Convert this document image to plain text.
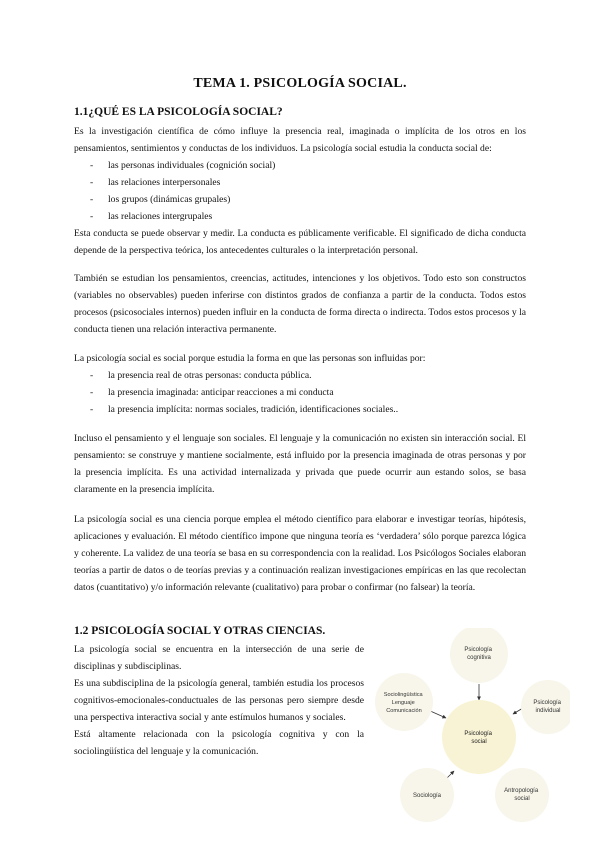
TEMA 1. PSICOLOGÍA SOCIAL.
1.1¿QUÉ ES LA PSICOLOGÍA SOCIAL?

Es la investigación científica de cómo influye la presencia real, imaginada o implícita de los otros en los pensamientos, sentimientos y conductas de los individuos. La psicología social estudia la conducta social de:

- las personas individuales (cognición social)
- las relaciones interpersonales
- los grupos (dinámicas grupales)
- las relaciones intergrupales

Esta conducta se puede observar y medir. La conducta es públicamente verificable. El significado de dicha conducta depende de la perspectiva teórica, los antecedentes culturales o la interpretación personal.

También se estudian los pensamientos, creencias, actitudes, intenciones y los objetivos. Todo esto son constructos (variables no observables) pueden inferirse con distintos grados de confianza a partir de la conducta. Todos estos procesos (psicosociales internos) pueden influir en la conducta de forma directa o indirecta. Todos estos procesos y la conducta tienen una relación interactiva permanente.

La psicología social es social porque estudia la forma en que las personas son influidas por:

- la presencia real de otras personas: conducta pública.
- la presencia imaginada: anticipar reacciones a mi conducta
- la presencia implícita: normas sociales, tradición, identificaciones sociales..
Incluso el pensamiento y el lenguaje son sociales. El lenguaje y la comunicación no existen sin interacción social. El pensamiento: se construye y mantiene socialmente, está influido por la presencia imaginada de otras personas y por la presencia implícita. Es una actividad internalizada y privada que puede ocurrir aun estando solos, se basa claramente en la presencia implícita.
La psicología social es una ciencia porque emplea el método científico para elaborar e investigar teorías, hipótesis, aplicaciones y evaluación. El método científico impone que ninguna teoría es ‘verdadera’ sólo porque parezca lógica y coherente. La validez de una teoría se basa en su correspondencia con la realidad. Los Psicólogos Sociales elaboran teorías a partir de datos o de teorías previas y a continuación realizan investigaciones empíricas en las que recolectan datos (cuantitativo) y/o información relevante (cualitativo) para probar o confirmar (no falsear) la teoría.
1.2 PSICOLOGÍA SOCIAL Y OTRAS CIENCIAS.

La psicología social se encuentra en la intersección de una serie de disciplinas y subdisciplinas.

Es una subdisciplina de la psicología general, también estudia los procesos cognitivos-emocionales-conductuales de las personas pero siempre desde una perspectiva interactiva social y ante estímulos humanos y sociales.

Está altamente relacionada con la psicología cognitiva y con la sociolingüística del lenguaje y la comunicación.

Psicología social
Psicología cognitiva
Psicología individual
Antropología social
Sociología
Sociolingüística Lenguaje Comunicación
